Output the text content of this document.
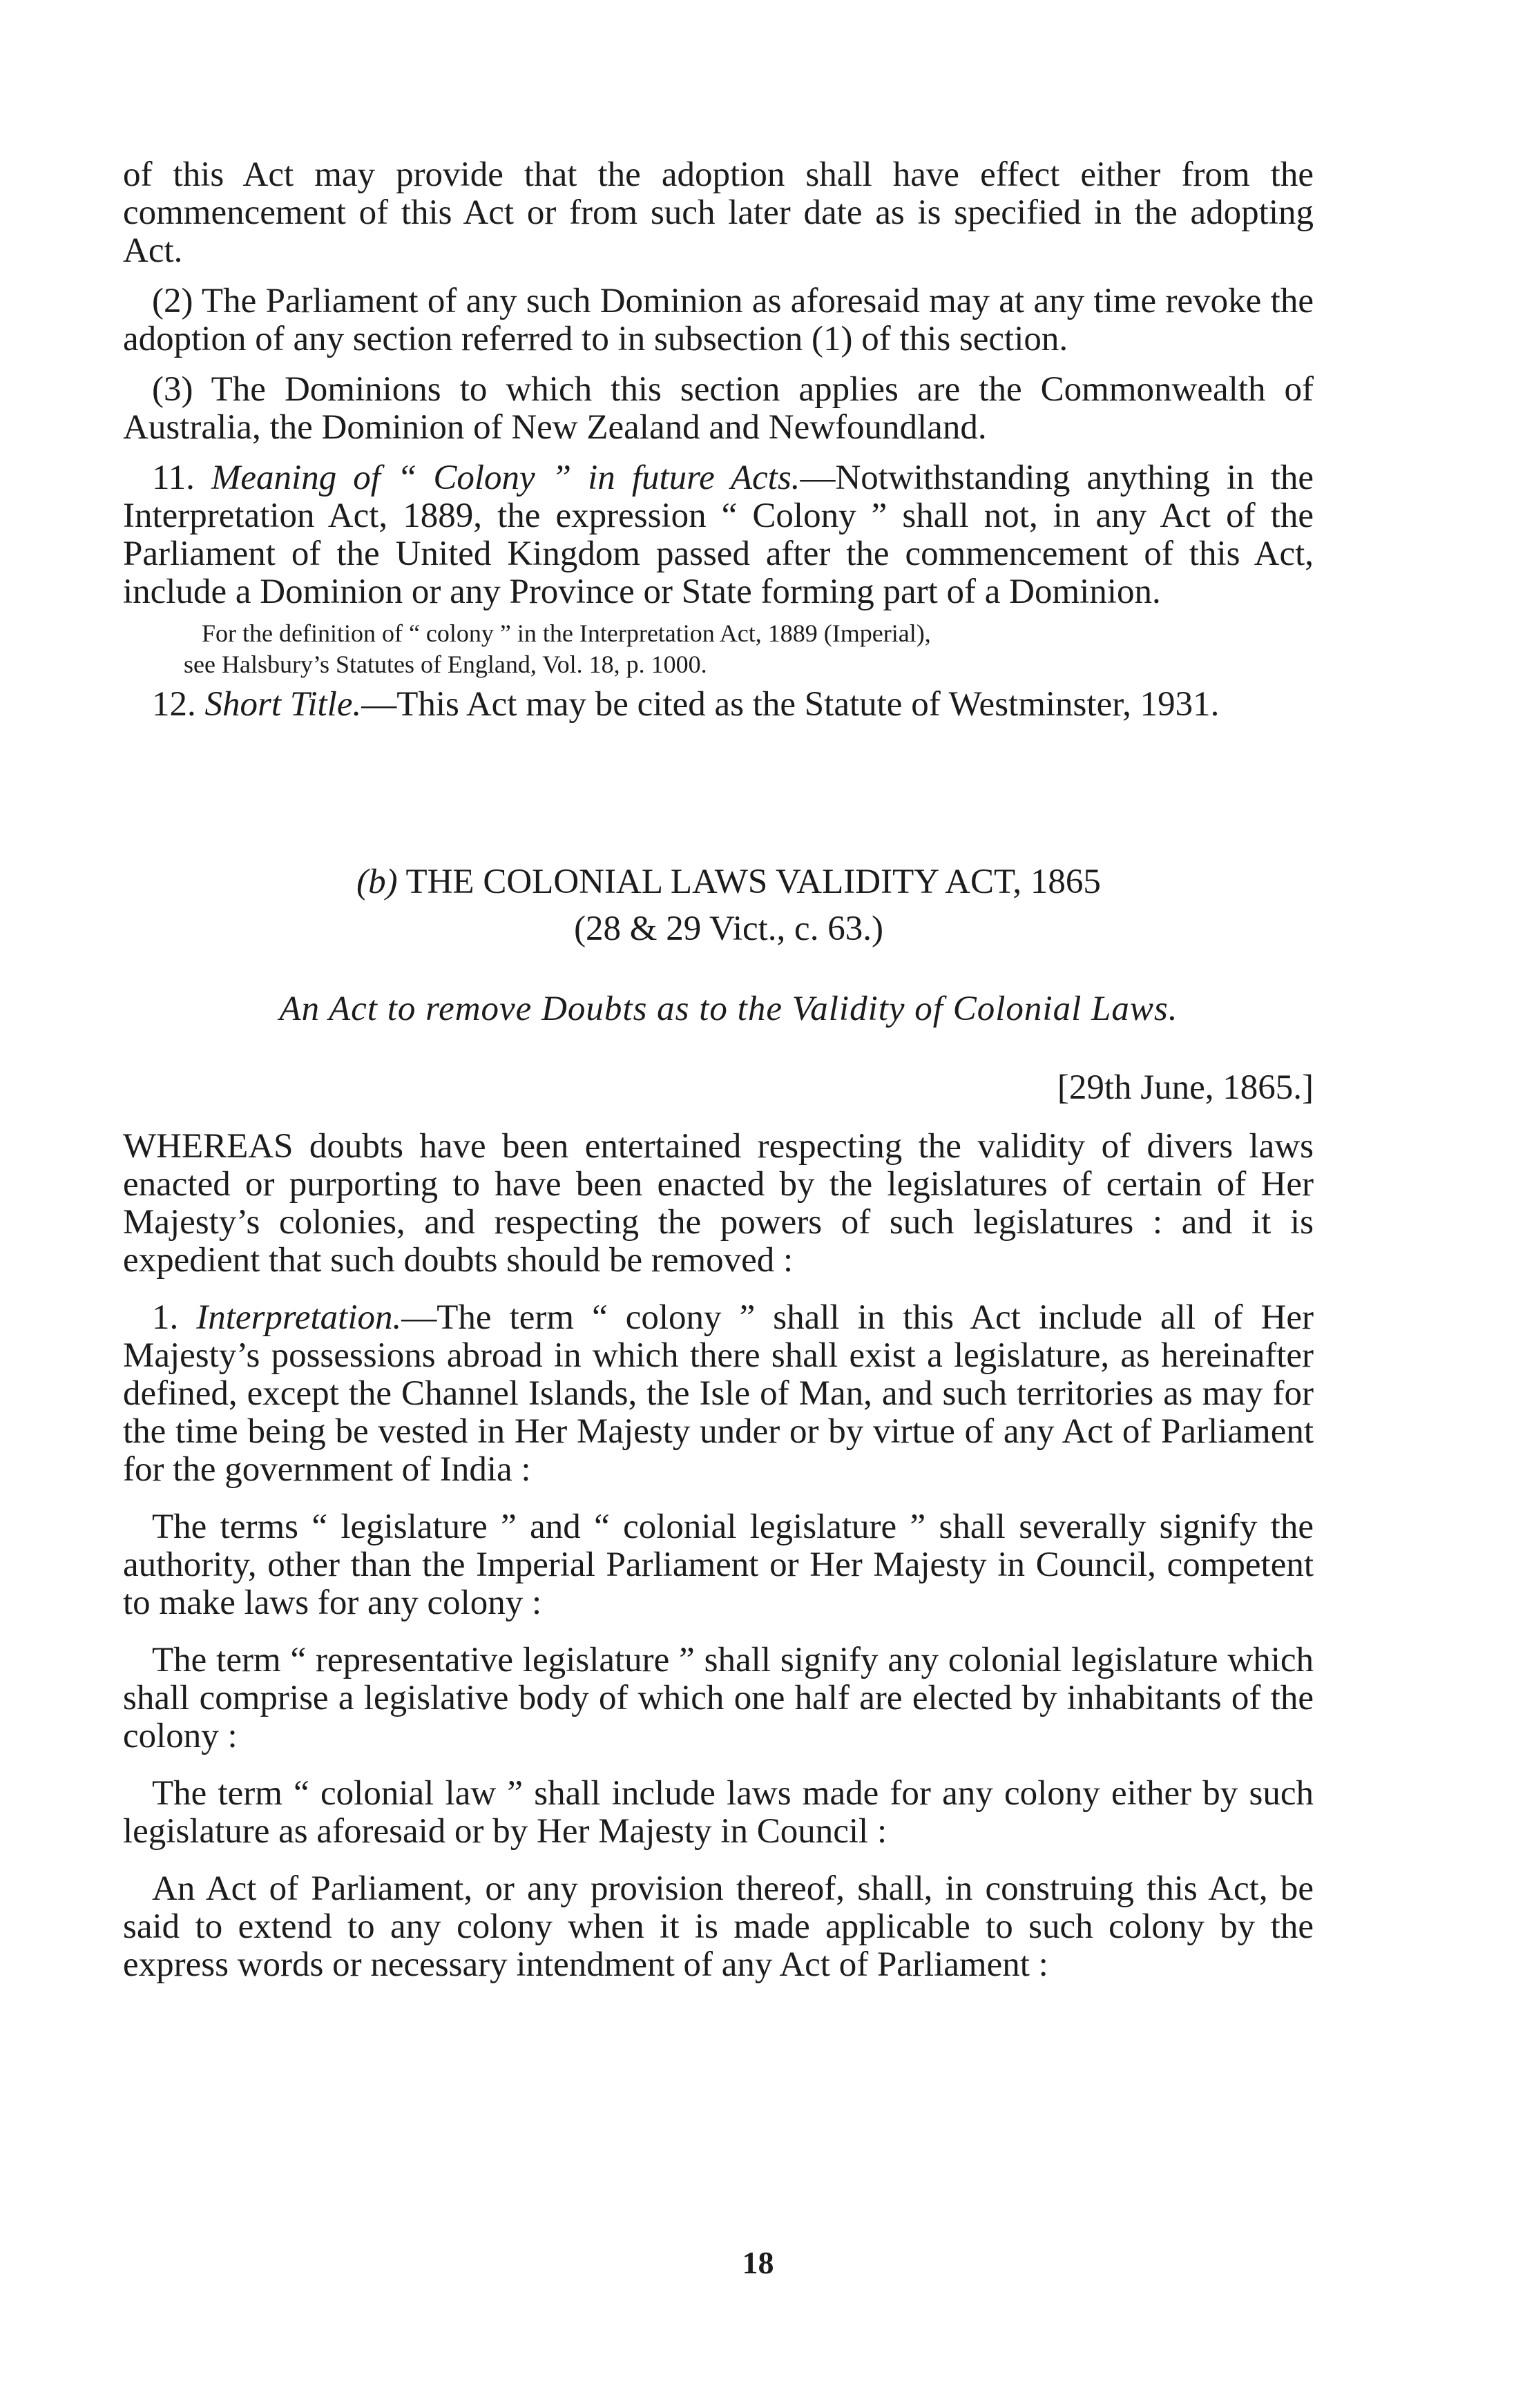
of this Act may provide that the adoption shall have effect either from the commencement of this Act or from such later date as is specified in the adopting Act.

(2) The Parliament of any such Dominion as aforesaid may at any time revoke the adoption of any section referred to in subsection (1) of this section.

(3) The Dominions to which this section applies are the Commonwealth of Australia, the Dominion of New Zealand and Newfoundland.

11. Meaning of “ Colony ” in future Acts.—Notwithstanding anything in the Interpretation Act, 1889, the expression “ Colony ” shall not, in any Act of the Parliament of the United Kingdom passed after the commencement of this Act, include a Dominion or any Province or State forming part of a Dominion.

For the definition of “ colony ” in the Interpretation Act, 1889 (Imperial),
see Halsbury’s Statutes of England, Vol. 18, p. 1000.

12. Short Title.—This Act may be cited as the Statute of Westminster, 1931.

(b) THE COLONIAL LAWS VALIDITY ACT, 1865

(28 & 29 Vict., c. 63.)

An Act to remove Doubts as to the Validity of Colonial Laws.

[29th June, 1865.]

WHEREAS doubts have been entertained respecting the validity of divers laws enacted or purporting to have been enacted by the legislatures of certain of Her Majesty’s colonies, and respecting the powers of such legislatures : and it is expedient that such doubts should be removed :

1. Interpretation.—The term “ colony ” shall in this Act include all of Her Majesty’s possessions abroad in which there shall exist a legislature, as hereinafter defined, except the Channel Islands, the Isle of Man, and such territories as may for the time being be vested in Her Majesty under or by virtue of any Act of Parliament for the government of India :

The terms “ legislature ” and “ colonial legislature ” shall severally signify the authority, other than the Imperial Parliament or Her Majesty in Council, competent to make laws for any colony :

The term “ representative legislature ” shall signify any colonial legislature which shall comprise a legislative body of which one half are elected by inhabitants of the colony :

The term “ colonial law ” shall include laws made for any colony either by such legislature as aforesaid or by Her Majesty in Council :

An Act of Parliament, or any provision thereof, shall, in construing this Act, be said to extend to any colony when it is made applicable to such colony by the express words or necessary intendment of any Act of Parliament :

18
